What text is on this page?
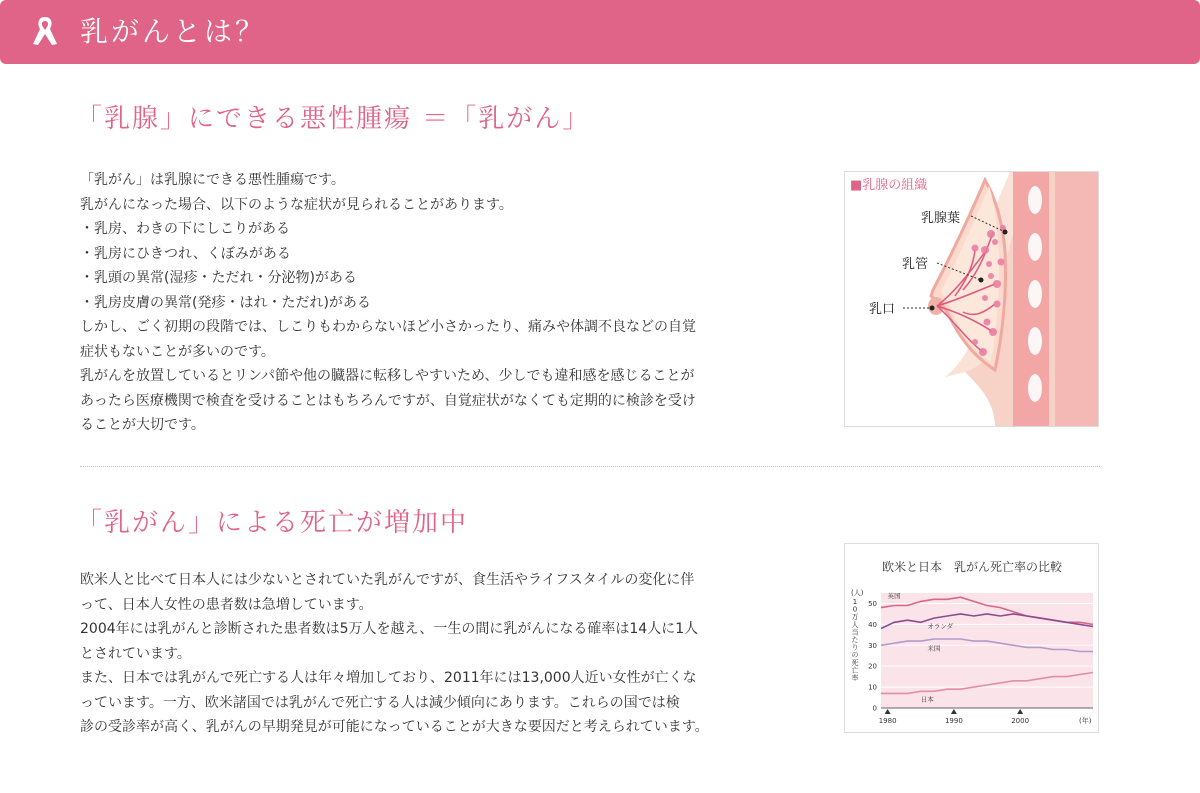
乳がんとは？
「乳腺」にできる悪性腫瘍 ＝「乳がん」
「乳がん」は乳腺にできる悪性腫瘍です。
乳がんになった場合、以下のような症状が見られることがあります。
・乳房、わきの下にしこりがある
・乳房にひきつれ、くぼみがある
・乳頭の異常(湿疹・ただれ・分泌物)がある
・乳房皮膚の異常(発疹・はれ・ただれ)がある
しかし、ごく初期の段階では、しこりもわからないほど小さかったり、痛みや体調不良などの自覚
症状もないことが多いのです。
乳がんを放置しているとリンパ節や他の臓器に転移しやすいため、少しでも違和感を感じることが
あったら医療機関で検査を受けることはもちろんですが、自覚症状がなくても定期的に検診を受け
ることが大切です。
■乳腺の組織
乳腺葉
乳管
乳口
「乳がん」による死亡が増加中
欧米人と比べて日本人には少ないとされていた乳がんですが、食生活やライフスタイルの変化に伴
って、日本人女性の患者数は急増しています。
2004年には乳がんと診断された患者数は5万人を越え、一生の間に乳がんになる確率は14人に1人
とされています。
また、日本では乳がんで死亡する人は年々増加しており、2011年には13,000人近い女性が亡くな
っています。一方、欧米諸国では乳がんで死亡する人は減少傾向にあります。これらの国では検
診の受診率が高く、乳がんの早期発見が可能になっていることが大きな要因だと考えられています。
欧米と日本　乳がん死亡率の比較
(人)
(年)
1
0
万
人
当
た
り
の
死
亡
率
0
10
20
30
40
50
1980	1990	2000
英国
オランダ
米国
日本
